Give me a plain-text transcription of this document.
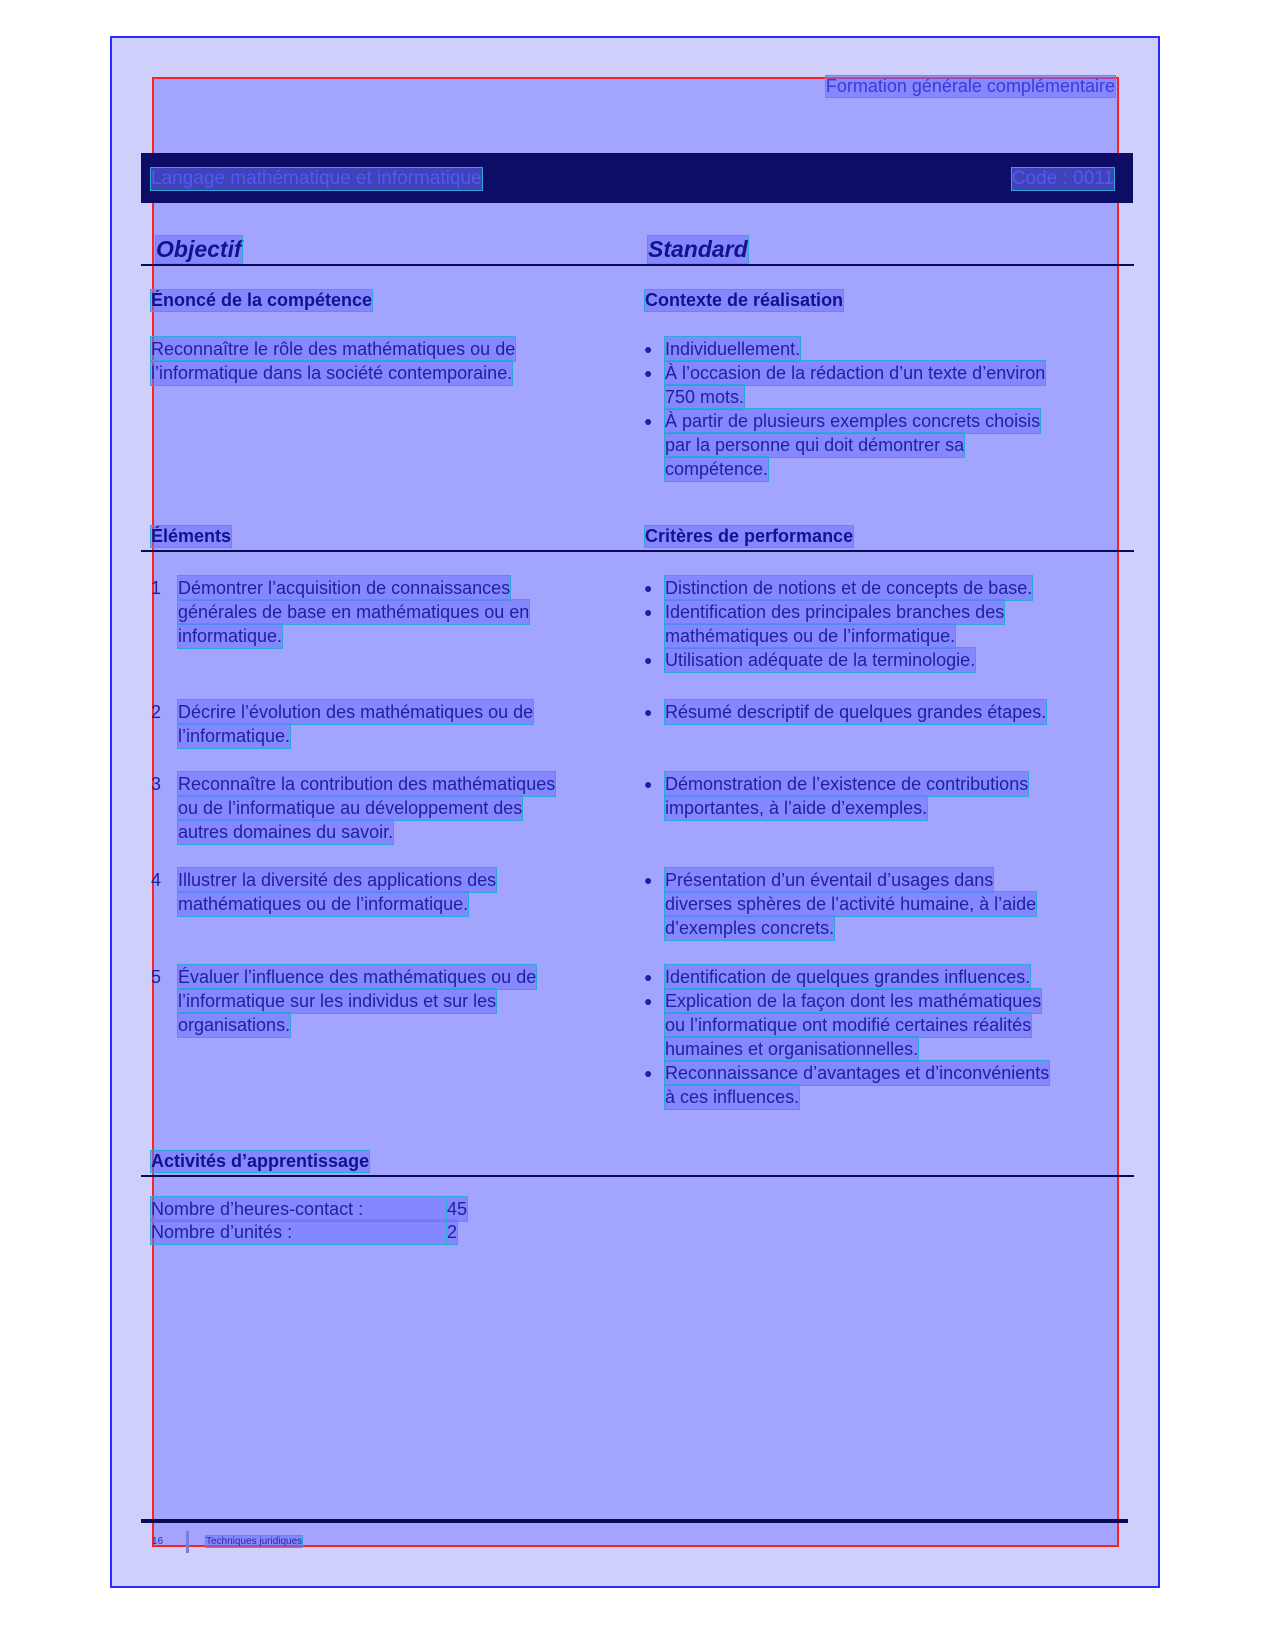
Formation générale complémentaire
Langage mathématique et informatique	Code : 0011
Objectif	Standard
Énoncé de la compétence	Contexte de réalisation
Reconnaître le rôle des mathématiques ou de
l’informatique dans la société contemporaine.
● Individuellement.
● À l’occasion de la rédaction d’un texte d’environ
750 mots.
● À partir de plusieurs exemples concrets choisis
par la personne qui doit démontrer sa
compétence.
Éléments	Critères de performance
1 Démontrer l’acquisition de connaissances
générales de base en mathématiques ou en
informatique.
● Distinction de notions et de concepts de base.
● Identification des principales branches des
mathématiques ou de l’informatique.
● Utilisation adéquate de la terminologie.
2 Décrire l’évolution des mathématiques ou de
l’informatique.
● Résumé descriptif de quelques grandes étapes.
3 Reconnaître la contribution des mathématiques
ou de l’informatique au développement des
autres domaines du savoir.
● Démonstration de l’existence de contributions
importantes, à l’aide d’exemples.
4 Illustrer la diversité des applications des
mathématiques ou de l’informatique.
● Présentation d’un éventail d’usages dans
diverses sphères de l’activité humaine, à l’aide
d’exemples concrets.
5 Évaluer l’influence des mathématiques ou de
l’informatique sur les individus et sur les
organisations.
● Identification de quelques grandes influences.
● Explication de la façon dont les mathématiques
ou l’informatique ont modifié certaines réalités
humaines et organisationnelles.
● Reconnaissance d’avantages et d’inconvénients
à ces influences.
Activités d’apprentissage
Nombre d’heures-contact :	45
Nombre d’unités :	2
16	Techniques juridiques
